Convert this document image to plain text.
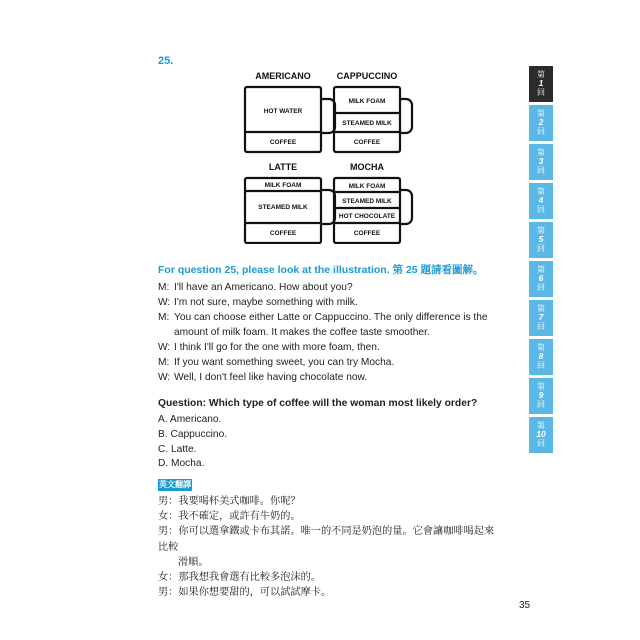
25.
AMERICANO	CAPPUCCINO
LATTE	MOCHA
HOT WATER
COFFEE
MILK FOAM
STEAMED MILK
COFFEE
MILK FOAM
STEAMED MILK
COFFEE
MILK FOAM
STEAMED MILK
HOT CHOCOLATE
COFFEE
For question 25, please look at the illustration. 第 25 題請看圖解。
M: I'll have an Americano. How about you?
W: I'm not sure, maybe something with milk.
M: You can choose either Latte or Cappuccino. The only difference is the
amount of milk foam. It makes the coffee taste smoother.
W: I think I'll go for the one with more foam, then.
M: If you want something sweet, you can try Mocha.
W: Well, I don't feel like having chocolate now.
Question: Which type of coffee will the woman most likely order?
A. Americano.
B. Cappuccino.
C. Latte.
D. Mocha.
英文翻譯
男：我要喝杯美式咖啡。你呢？
女：我不確定，或許有牛奶的。
男：你可以選拿鐵或卡布其諾。唯一的不同是奶泡的量。它會讓咖啡喝起來比較
滑順。
女：那我想我會選有比較多泡沫的。
男：如果你想要甜的，可以試試摩卡。
35
第
1
回
第
2
回
第
3
回
第
4
回
第
5
回
第
6
回
第
7
回
第
8
回
第
9
回
第
10
回
